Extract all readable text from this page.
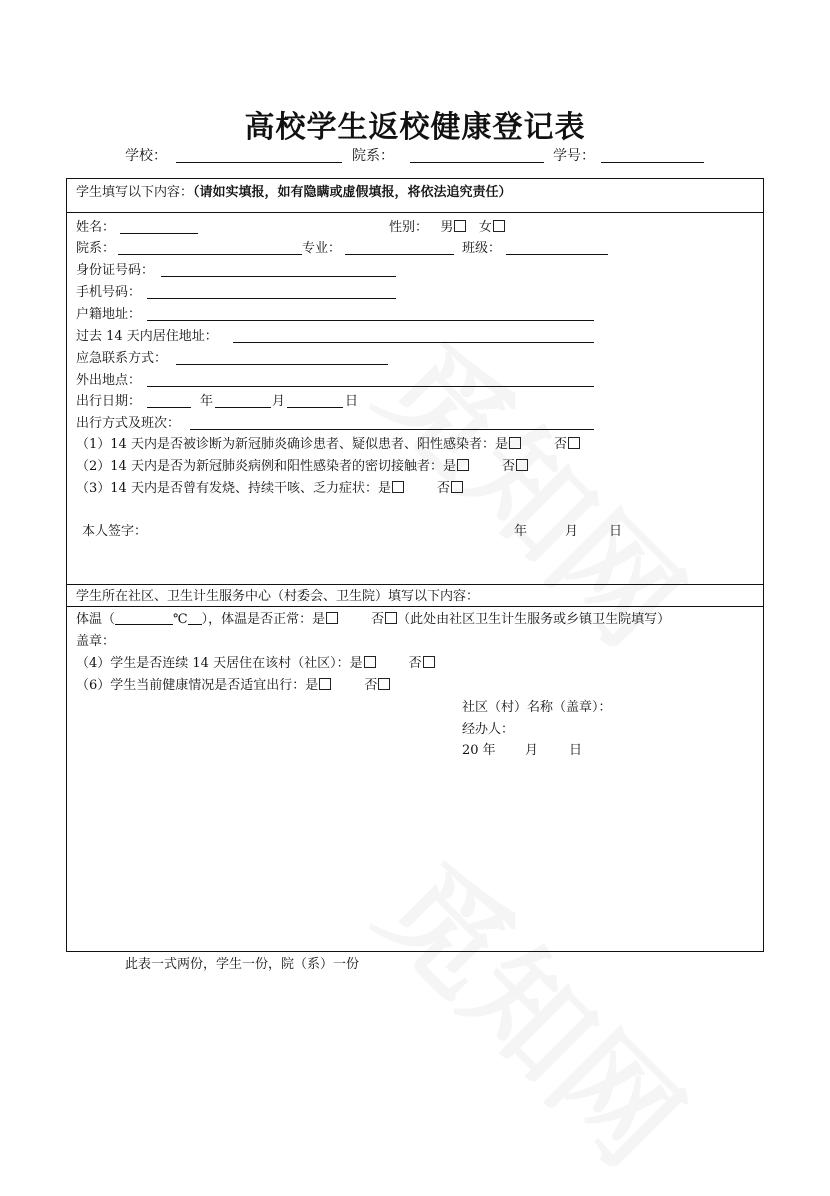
高校学生返校健康登记表
学校：	院系：	学号：
学生填写以下内容：（请如实填报，如有隐瞒或虚假填报，将依法追究责任）
姓名：	性别： 男 女
院系：	专业：	班级：
身份证号码：
手机号码：
户籍地址：
过去 14 天内居住地址：
应急联系方式：
外出地点：
出行日期：	年	月	日
出行方式及班次：
（1）14 天内是否被诊断为新冠肺炎确诊患者、疑似患者、阳性感染者：是	否
（2）14 天内是否为新冠肺炎病例和阳性感染者的密切接触者：是	否
（3）14 天内是否曾有发烧、持续干咳、乏力症状：是	否
本人签字：	年	月 日
学生所在社区、卫生计生服务中心（村委会、卫生院）填写以下内容：
体温（	℃ ），体温是否正常：是	否 （此处由社区卫生计生服务或乡镇卫生院填写）
盖章：
（4）学生是否连续 14 天居住在该村（社区）：是	否
（6）学生当前健康情况是否适宜出行：是	否
社区（村）名称（盖章）：
经办人：
20 年 月 日
此表一式两份，学生一份，院（系）一份
